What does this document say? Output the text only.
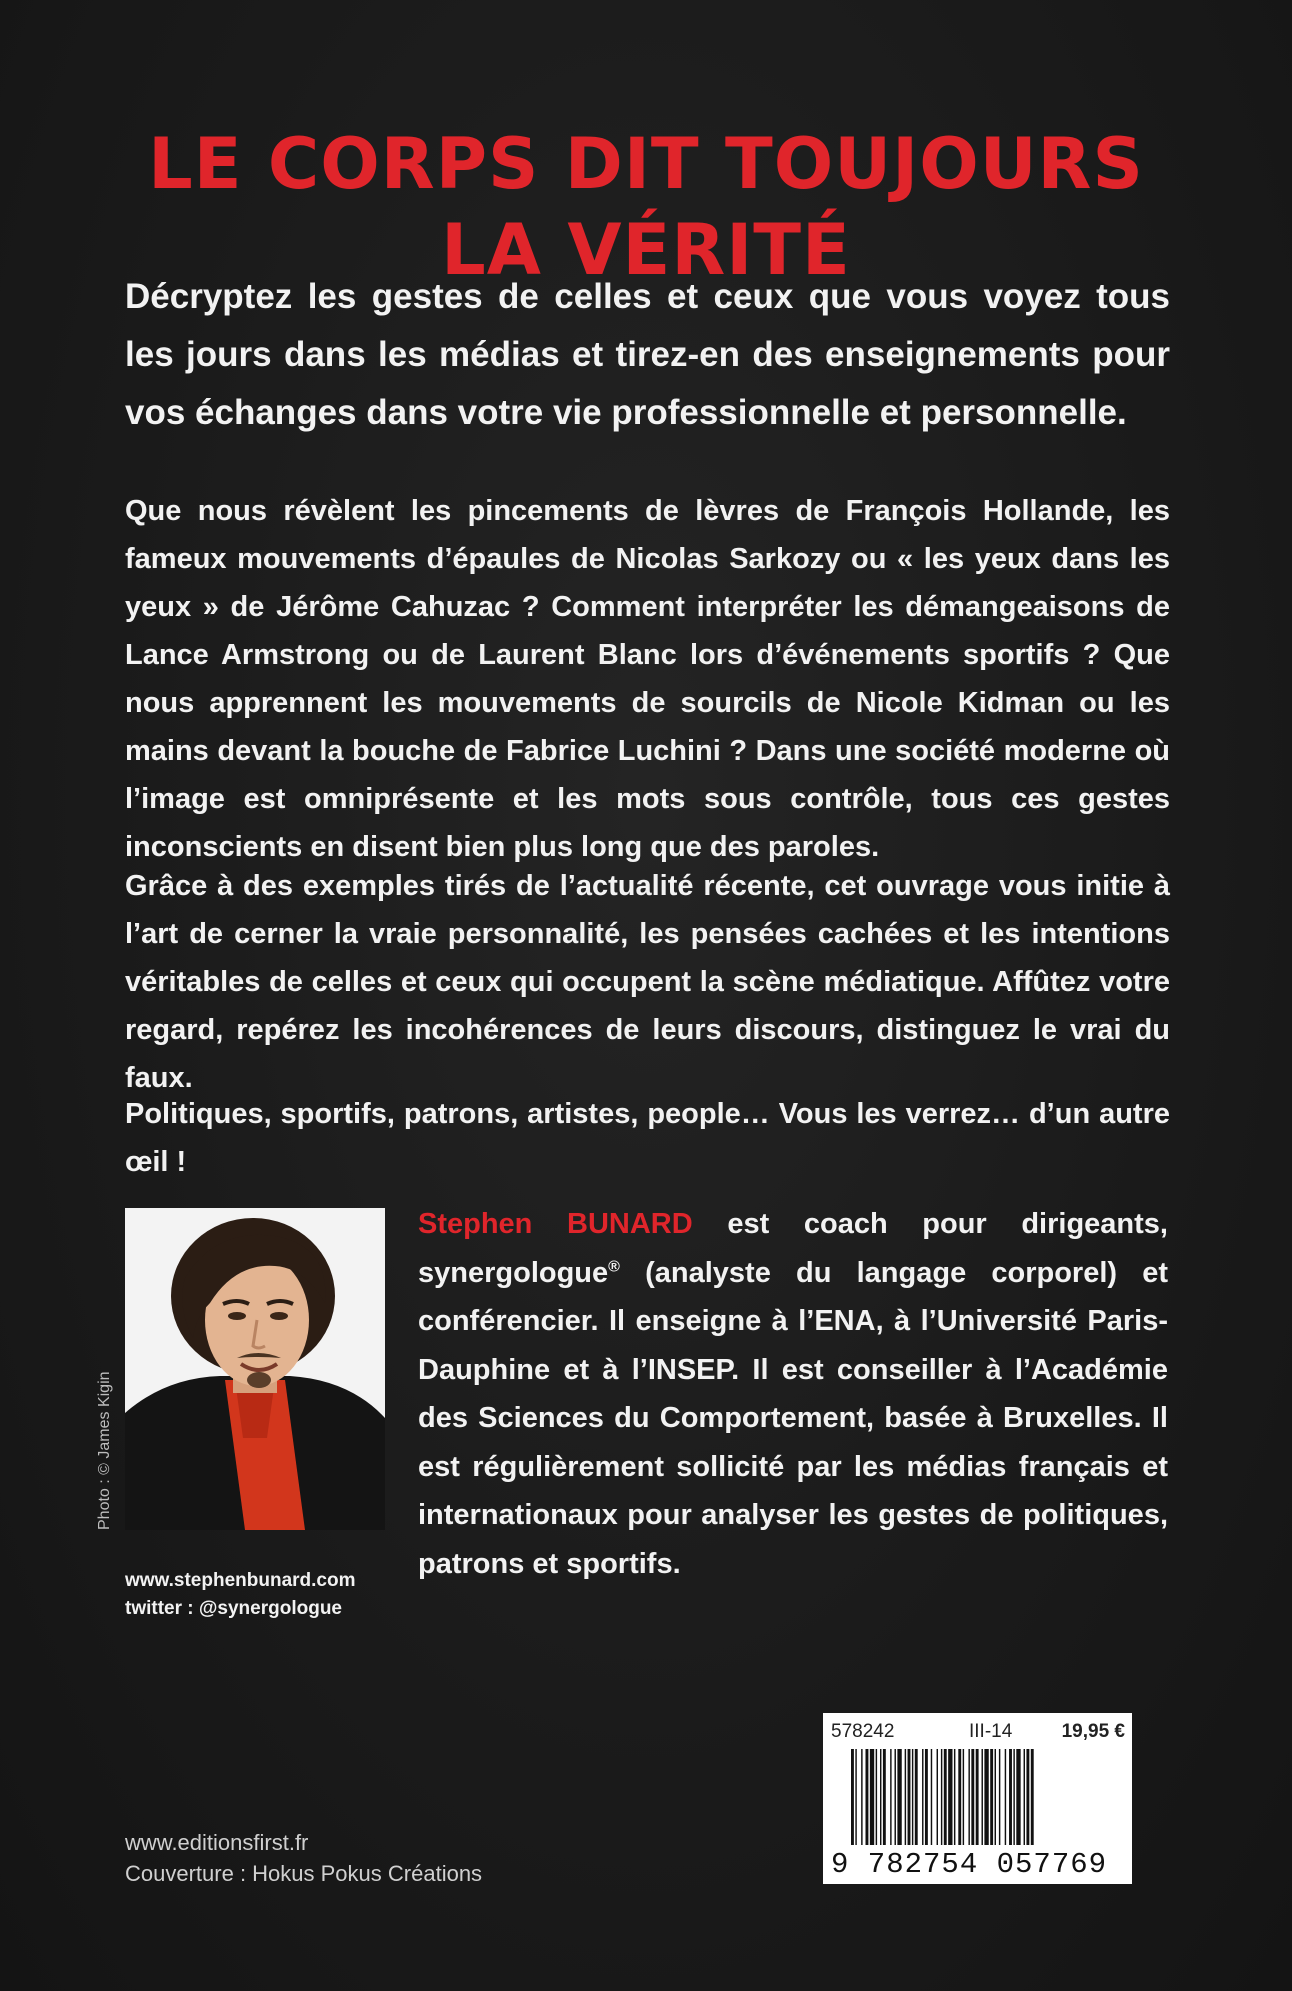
LE CORPS DIT TOUJOURS
LA VÉRITÉ

Décryptez les gestes de celles et ceux que vous voyez tous les jours dans les médias et tirez-en des enseignements pour vos échanges dans votre vie professionnelle et personnelle.

Que nous révèlent les pincements de lèvres de François Hollande, les fameux mouvements d’épaules de Nicolas Sarkozy ou « les yeux dans les yeux » de Jérôme Cahuzac ? Comment interpréter les démangeaisons de Lance Armstrong ou de Laurent Blanc lors d’événements sportifs ? Que nous apprennent les mouvements de sourcils de Nicole Kidman ou les mains devant la bouche de Fabrice Luchini ? Dans une société moderne où l’image est omniprésente et les mots sous contrôle, tous ces gestes inconscients en disent bien plus long que des paroles.

Grâce à des exemples tirés de l’actualité récente, cet ouvrage vous initie à l’art de cerner la vraie personnalité, les pensées cachées et les intentions véritables de celles et ceux qui occupent la scène médiatique. Affûtez votre regard, repérez les incohérences de leurs discours, distinguez le vrai du faux.

Politiques, sportifs, patrons, artistes, people… Vous les verrez… d’un autre œil !

Photo : © James Kigin

Stephen BUNARD est coach pour dirigeants, synergologue® (analyste du langage corporel) et conférencier. Il enseigne à l’ENA, à l’Université Paris-Dauphine et à l’INSEP. Il est conseiller à l’Académie des Sciences du Comportement, basée à Bruxelles. Il est régulièrement sollicité par les médias français et internationaux pour analyser les gestes de politiques, patrons et sportifs.

www.stephenbunard.com
twitter : @synergologue
www.editionsfirst.fr
Couverture : Hokus Pokus Créations
578242	III-14	19,95 €
9 782754 057769
